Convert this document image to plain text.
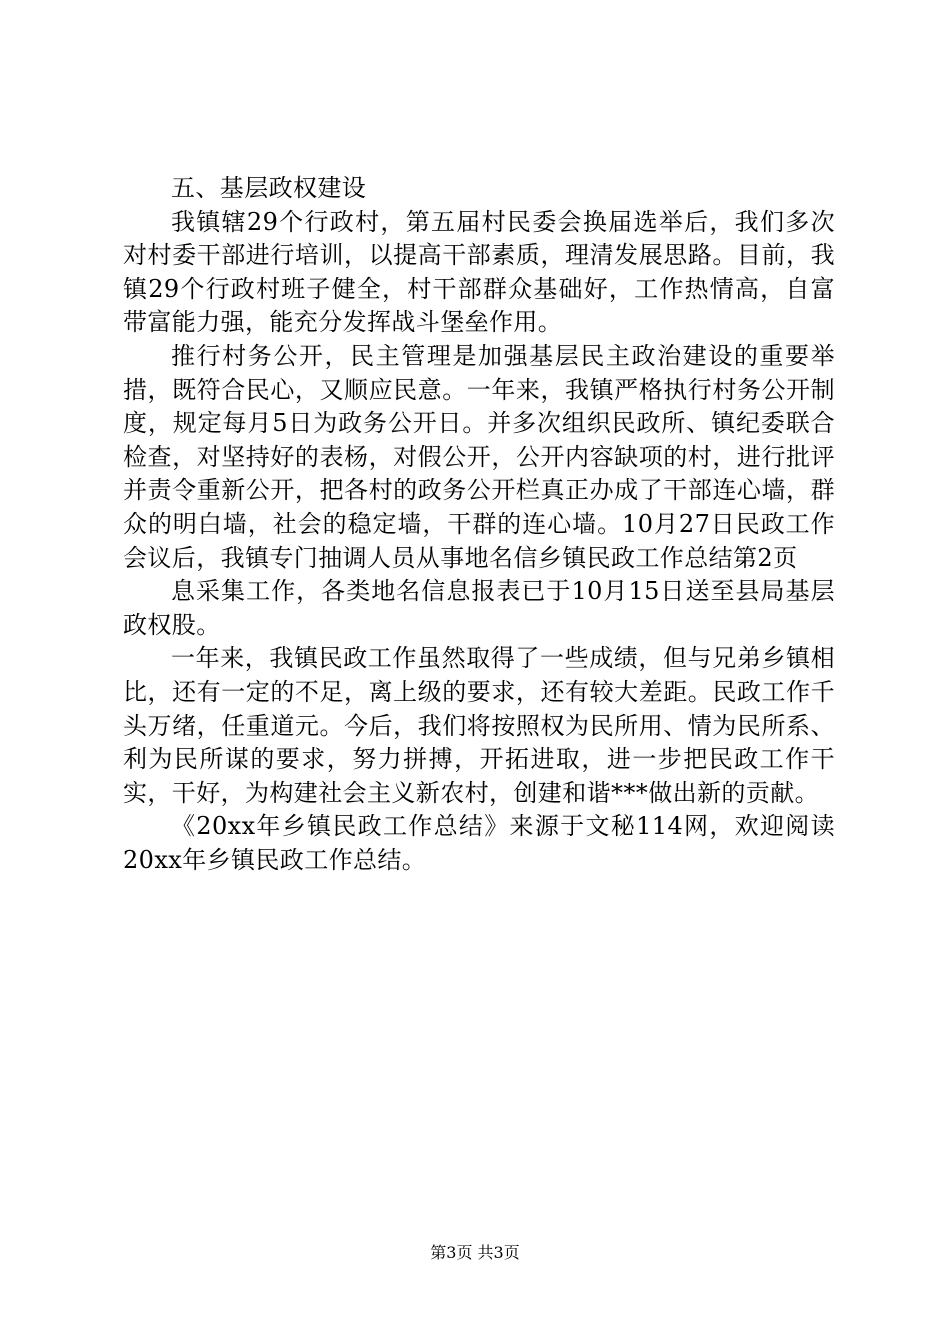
五、基层政权建设

我镇辖29个行政村，第五届村民委会换届选举后，我们多次对村委干部进行培训，以提高干部素质，理清发展思路。目前，我镇29个行政村班子健全，村干部群众基础好，工作热情高，自富带富能力强，能充分发挥战斗堡垒作用。

推行村务公开，民主管理是加强基层民主政治建设的重要举措，既符合民心，又顺应民意。一年来，我镇严格执行村务公开制度，规定每月5日为政务公开日。并多次组织民政所、镇纪委联合检查，对坚持好的表杨，对假公开，公开内容缺项的村，进行批评并责令重新公开，把各村的政务公开栏真正办成了干部连心墙，群众的明白墙，社会的稳定墙，干群的连心墙。10月27日民政工作会议后，我镇专门抽调人员从事地名信乡镇民政工作总结第2页

息采集工作，各类地名信息报表已于10月15日送至县局基层政权股。

一年来，我镇民政工作虽然取得了一些成绩，但与兄弟乡镇相比，还有一定的不足，离上级的要求，还有较大差距。民政工作千头万绪，任重道元。今后，我们将按照权为民所用、情为民所系、利为民所谋的要求，努力拼搏，开拓进取，进一步把民政工作干实，干好，为构建社会主义新农村，创建和谐***做出新的贡献。

《20xx年乡镇民政工作总结》来源于文秘114网，欢迎阅读20xx年乡镇民政工作总结。

第3页 共3页
